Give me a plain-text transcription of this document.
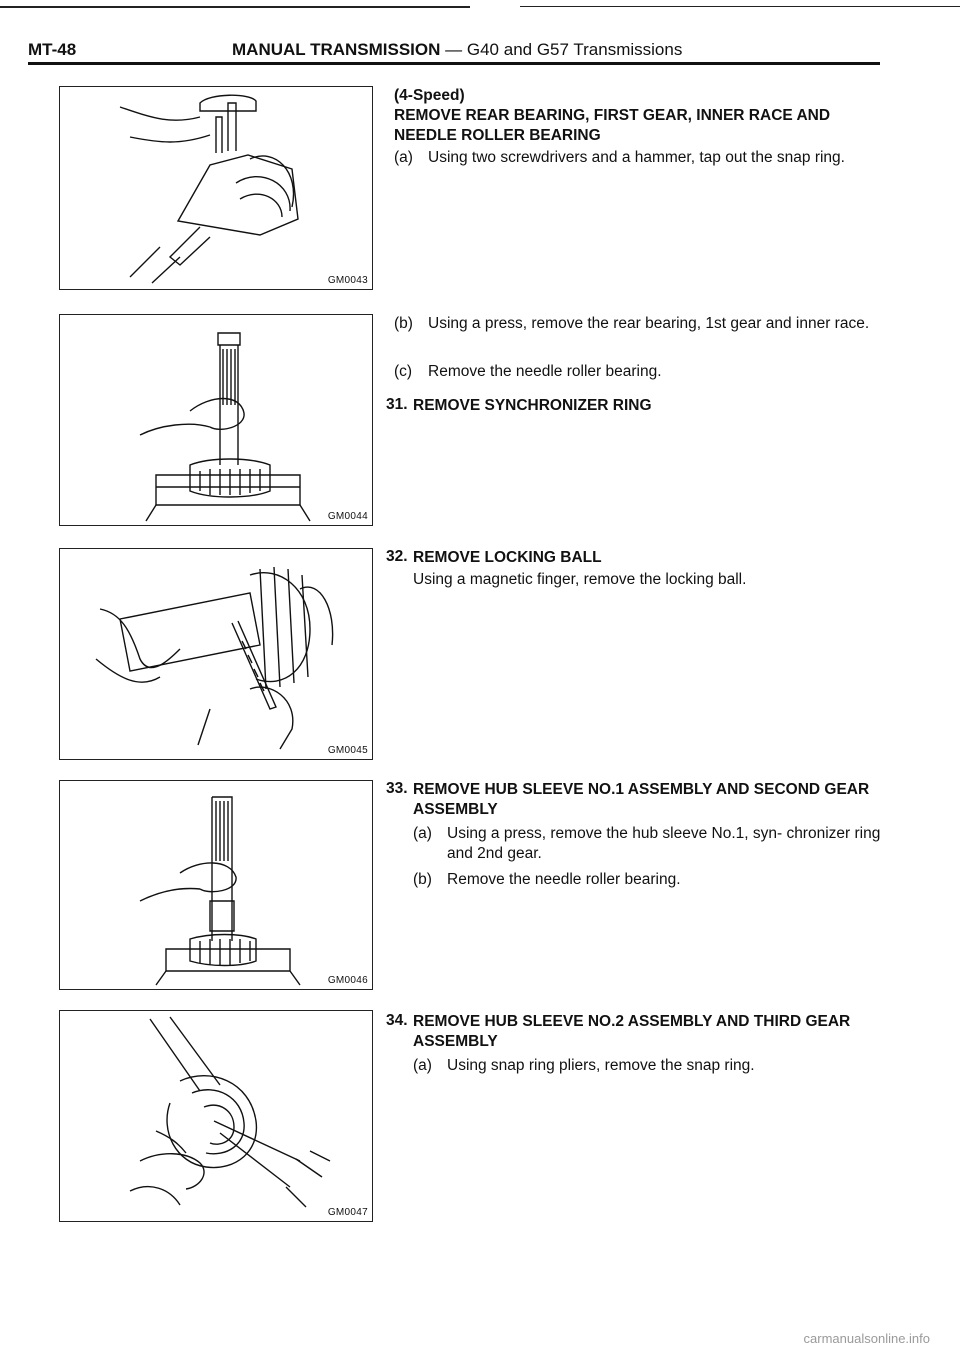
MT-48	MANUAL TRANSMISSION — G40 and G57 Transmissions
GM0043
GM0044
GM0045
GM0046
GM0047
(4-Speed)
REMOVE REAR BEARING, FIRST GEAR, INNER RACE AND
NEEDLE ROLLER BEARING
(a) Using two screwdrivers and a hammer, tap out the snap ring.
(b) Using a press, remove the rear bearing, 1st gear and inner race.
(c)	Remove the needle roller bearing.
31. REMOVE SYNCHRONIZER RING
32. REMOVE LOCKING BALL
Using a magnetic finger, remove the locking ball.
33. REMOVE HUB SLEEVE NO.1 ASSEMBLY AND SECOND GEAR ASSEMBLY
(a) Using a press, remove the hub sleeve No.1, syn- chronizer ring and 2nd gear.
(b) Remove the needle roller bearing.
34. REMOVE HUB SLEEVE NO.2 ASSEMBLY AND THIRD GEAR ASSEMBLY
(a) Using snap ring pliers, remove the snap ring.
carmanualsonline.info
